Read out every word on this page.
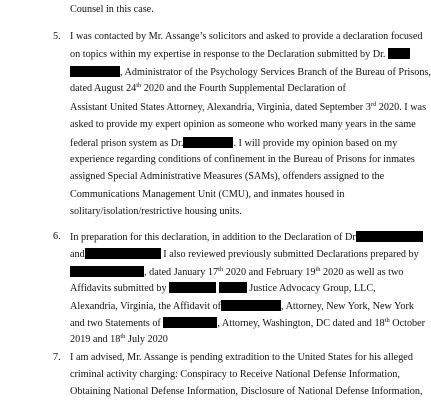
Counsel in this case.
5. I was contacted by Mr. Assange’s solicitors and asked to provide a declaration focused
on topics within my expertise in response to the Declaration submitted by Dr.
, Administrator of the Psychology Services Branch of the Bureau of Prisons,
dated August 24th 2020 and the Fourth Supplemental Declaration of
Assistant United States Attorney, Alexandria, Virginia, dated September 3rd 2020. I was
asked to provide my expert opinion as someone who worked many years in the same
federal prison system as Dr.	. I will provide my opinion based on my
experience regarding conditions of confinement in the Bureau of Prisons for inmates
assigned Special Administrative Measures (SAMs), offenders assigned to the
Communications Management Unit (CMU), and inmates housed in
solitary/isolation/restrictive housing units.
6. In preparation for this declaration, in addition to the Declaration of Dr
and	I also reviewed previously submitted Declarations prepared by
, dated January 17th 2020 and February 19th 2020 as well as two
Affidavits submitted by	Justice Advocacy Group, LLC,
Alexandria, Virginia, the Affidavit of	, Attorney, New York, New York
and two Statements of	, Attorney, Washington, DC dated and 18th October
2019 and 18th July 2020
7. I am advised, Mr. Assange is pending extradition to the United States for his alleged
criminal activity charging: Conspiracy to Receive National Defense Information,
Obtaining National Defense Information, Disclosure of National Defense Information,
